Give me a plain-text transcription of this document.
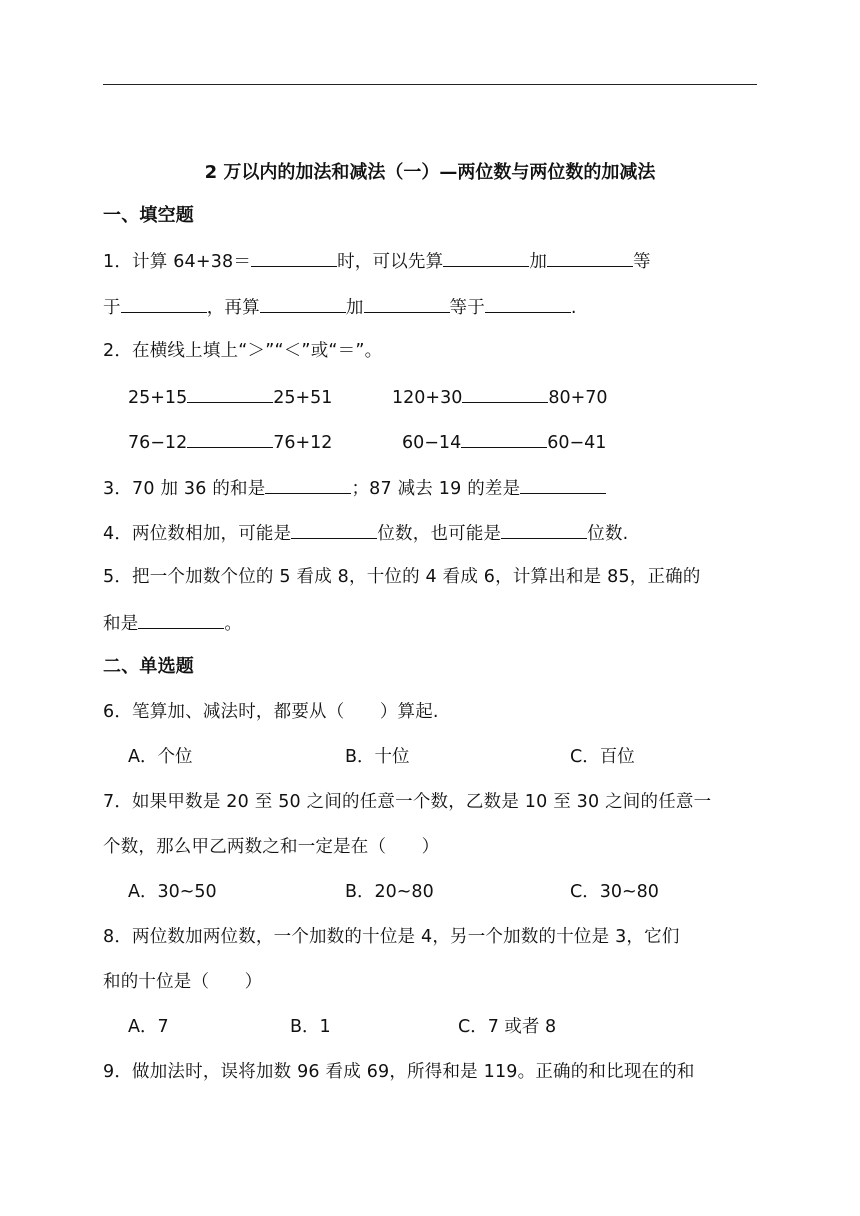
2 万以内的加法和减法（一）—两位数与两位数的加减法
一、填空题
1．计算 64+38＝	时，可以先算	加	等
于	，再算	加	等于	.
2．在横线上填上“＞”“＜”或“＝”。
25+15	25+51	120+30	80+70
76−12	76+12	60−14	60−41
3．70 加 36 的和是	；87 减去 19 的差是
4．两位数相加，可能是	位数，也可能是	位数.
5．把一个加数个位的 5 看成 8，十位的 4 看成 6，计算出和是 85，正确的
和是	。
二、单选题
6．笔算加、减法时，都要从（　　）算起.
A．个位	B．十位	C．百位
7．如果甲数是 20 至 50 之间的任意一个数，乙数是 10 至 30 之间的任意一
个数，那么甲乙两数之和一定是在（　　）
A．30~50	B．20~80	C．30~80
8．两位数加两位数，一个加数的十位是 4，另一个加数的十位是 3，它们
和的十位是（　　）
A．7	B．1	C．7 或者 8
9．做加法时，误将加数 96 看成 69，所得和是 119。正确的和比现在的和
